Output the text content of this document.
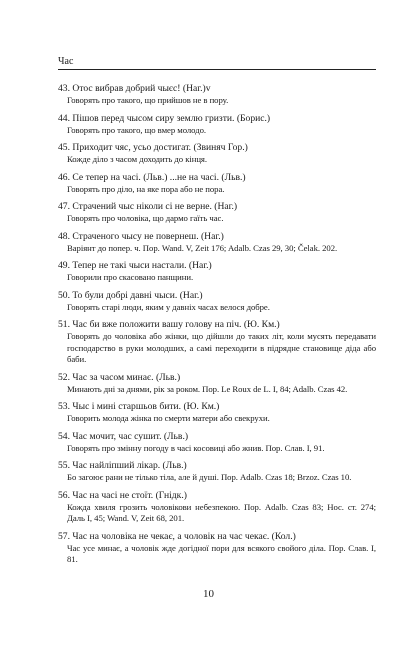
Час
43. Отос вибрав добрий чыєс! (Наг.)v
Говорять про такого, що прийшов не в пору.
44. Пішов перед чысом сиру землю гризти. (Борис.)
Говорять про такого, що вмер молодо.
45. Приходит чяс, усьо достигат. (Звиняч Гор.)
Кожде діло з часом доходить до кінця.
46. Се тепер на часі. (Льв.) ...не на часі. (Льв.)
Говорять про діло, на яке пора або не пора.
47. Страчений чыс ніколи сі не верне. (Наг.)
Говорять про чоловіка, що дармо гаїть час.
48. Страченого чысу не повернеш. (Наг.)
Варіянт до попер. ч. Пор. Wand. V, Zeit 176; Adalb. Czas 29, 30; Čelak. 202.
49. Тепер не такі чыси настали. (Наг.)
Говорили про скасовано панщини.
50. То були добрі давні чыси. (Наг.)
Говорять старі люди, яким у давніх часах велося добре.
51. Час би вже положити вашу голову на піч. (Ю. Км.)
Говорять до чоловіка або жінки, що дійшли до таких літ, коли мусять передавати господарство в руки молодших, а самі переходити в підрядне становище діда або баби.
52. Час за часом минає. (Льв.)
Минають дні за днями, рік за роком. Пор. Le Roux de L. I, 84; Adalb. Czas 42.
53. Чыс і мині старшьов бити. (Ю. Км.)
Говорить молода жінка по смерти матери або свекрухи.
54. Час мочит, час сушит. (Льв.)
Говорять про змінну погоду в часі косовиці або жнив. Пор. Слав. I, 91.
55. Час найліпший лікар. (Льв.)
Бо загоює рани не тілько тіла, але й душі. Пор. Adalb. Czas 18; Brzoz. Czas 10.
56. Час на часі не стоїт. (Гнідк.)
Кожда хвиля грозить чоловікови небезпекою. Пор. Adalb. Czas 83; Нос. ст. 274; Даль I, 45; Wand. V, Zeit 68, 201.
57. Час на чоловіка не чекає, а чоловік на час чекає. (Кол.)
Час усе минає, а чоловік жде догідної пори для всякого свойого діла. Пор. Слав. I, 81.
10
